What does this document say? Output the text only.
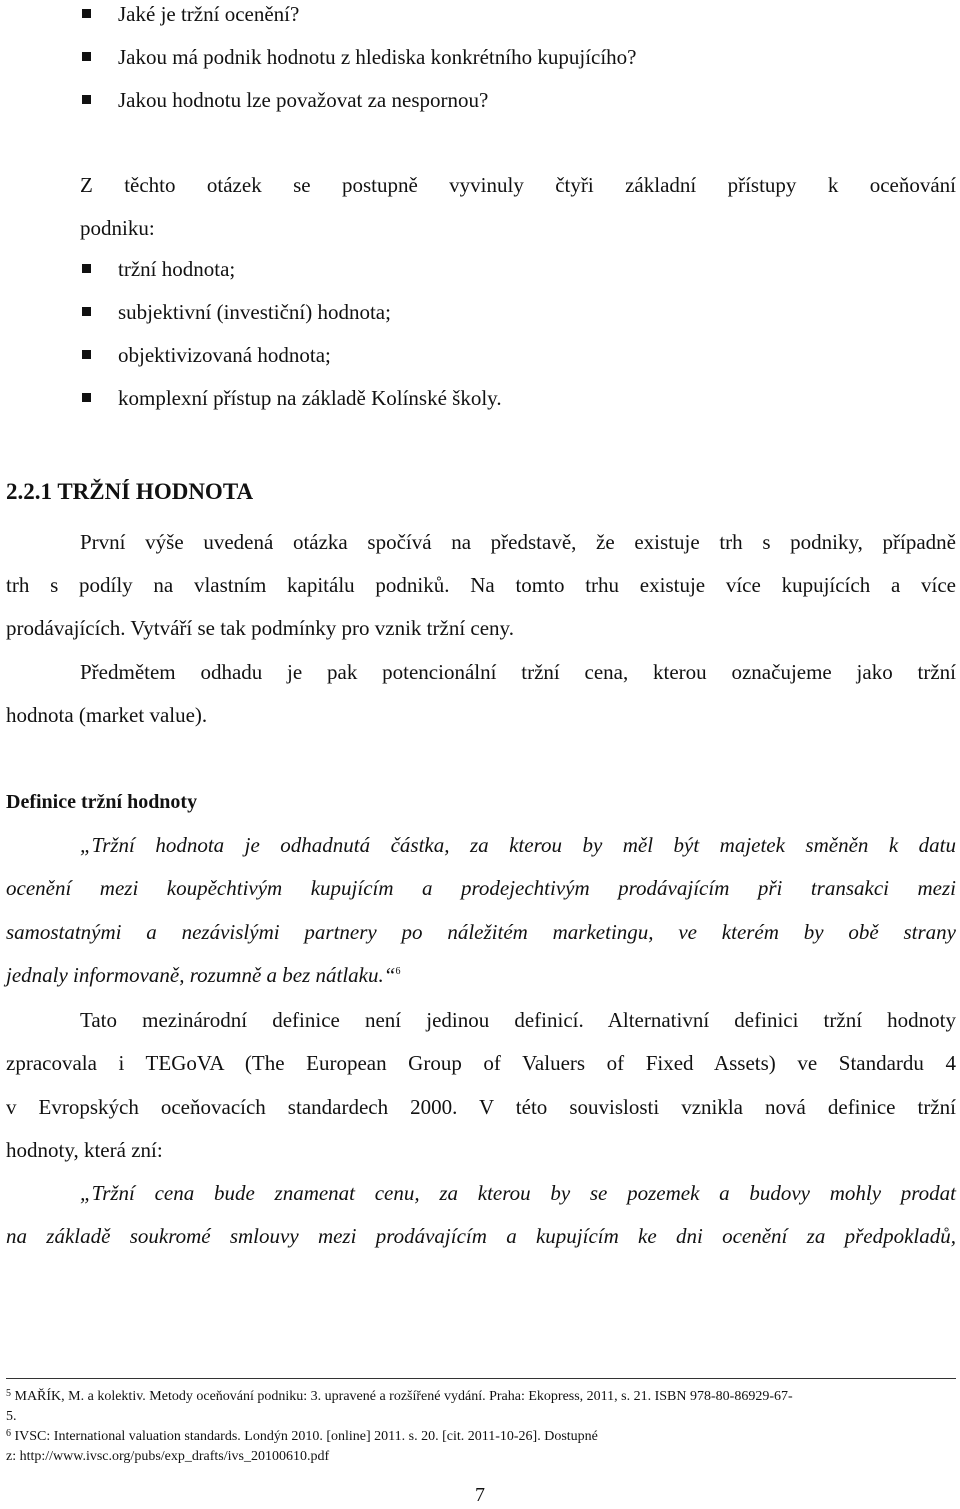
Jaké je tržní ocenění?
Jakou má podnik hodnotu z hlediska konkrétního kupujícího?
Jakou hodnotu lze považovat za nespornou?
Z těchto otázek se postupně vyvinuly čtyři základní přístupy k oceňování
podniku:
tržní hodnota;
subjektivní (investiční) hodnota;
objektivizovaná hodnota;
komplexní přístup na základě Kolínské školy.
2.2.1 TRŽNÍ HODNOTA
První výše uvedená otázka spočívá na představě, že existuje trh s podniky, případně
trh s podíly na vlastním kapitálu podniků. Na tomto trhu existuje více kupujících a více
prodávajících. Vytváří se tak podmínky pro vznik tržní ceny.
Předmětem odhadu je pak potencionální tržní cena, kterou označujeme jako tržní
hodnota (market value).
Definice tržní hodnoty
„Tržní hodnota je odhadnutá částka, za kterou by měl být majetek směněn k datu
ocenění mezi koupěchtivým kupujícím a prodejechtivým prodávajícím při transakci mezi
samostatnými a nezávislými partnery po náležitém marketingu, ve kterém by obě strany
jednaly informovaně, rozumně a bez nátlaku.“$^6$
Tato mezinárodní definice není jedinou definicí. Alternativní definici tržní hodnoty
zpracovala i TEGoVA (The European Group of Valuers of Fixed Assets) ve Standardu 4
v Evropských oceňovacích standardech 2000. V této souvislosti vznikla nová definice tržní
hodnoty, která zní:
„Tržní cena bude znamenat cenu, za kterou by se pozemek a budovy mohly prodat
na základě soukromé smlouvy mezi prodávajícím a kupujícím ke dni ocenění za předpokladů,
$^5$ MAŘÍK, M. a kolektiv. Metody oceňování podniku: 3. upravené a rozšířené vydání. Praha: Ekopress, 2011, s. 21. ISBN 978-80-86929-67-
5.
$^6$ IVSC: International valuation standards. Londýn 2010. [online] 2011. s. 20. [cit. 2011-10-26]. Dostupné
z: http://www.ivsc.org/pubs/exp_drafts/ivs_20100610.pdf
7
